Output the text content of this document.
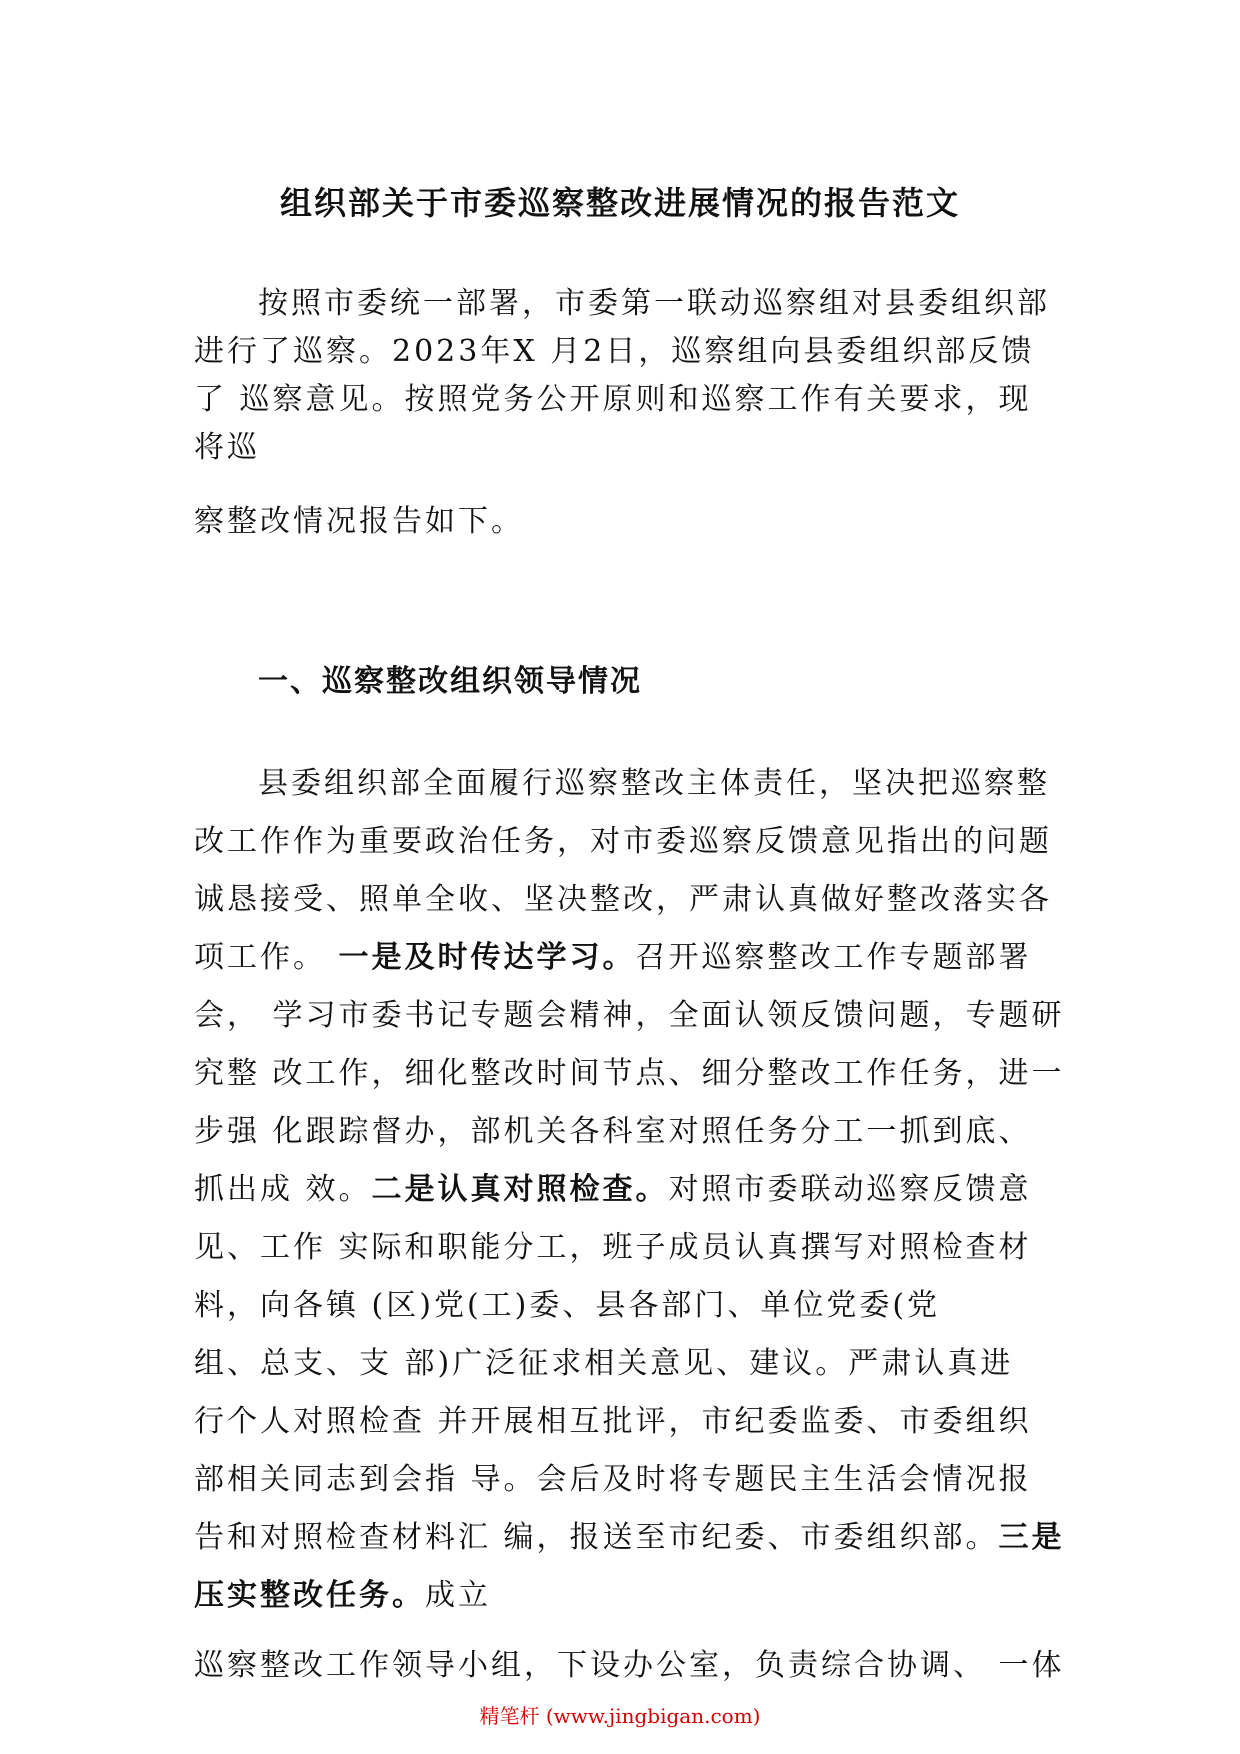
组织部关于市委巡察整改进展情况的报告范文

按照市委统一部署，市委第一联动巡察组对县委组织部

进行了巡察。2023年X 月2日，巡察组向县委组织部反馈

了 巡察意见。按照党务公开原则和巡察工作有关要求，现

将巡

察整改情况报告如下。

一、巡察整改组织领导情况

县委组织部全面履行巡察整改主体责任，坚决把巡察整

改工作作为重要政治任务，对市委巡察反馈意见指出的问题

诚恳接受、照单全收、坚决整改，严肃认真做好整改落实各

项工作。 一是及时传达学习。召开巡察整改工作专题部署

会， 学习市委书记专题会精神，全面认领反馈问题，专题研

究整 改工作，细化整改时间节点、细分整改工作任务，进一

步强 化跟踪督办，部机关各科室对照任务分工一抓到底、

抓出成 效。二是认真对照检查。对照市委联动巡察反馈意

见、工作 实际和职能分工，班子成员认真撰写对照检查材

料，向各镇 (区)党(工)委、县各部门、单位党委(党

组、总支、支 部)广泛征求相关意见、建议。严肃认真进

行个人对照检查 并开展相互批评，市纪委监委、市委组织

部相关同志到会指 导。会后及时将专题民主生活会情况报

告和对照检查材料汇 编，报送至市纪委、市委组织部。三是

压实整改任务。成立

巡察整改工作领导小组，下设办公室，负责综合协调、 一体

精笔杆 (www.jingbigan.com)
